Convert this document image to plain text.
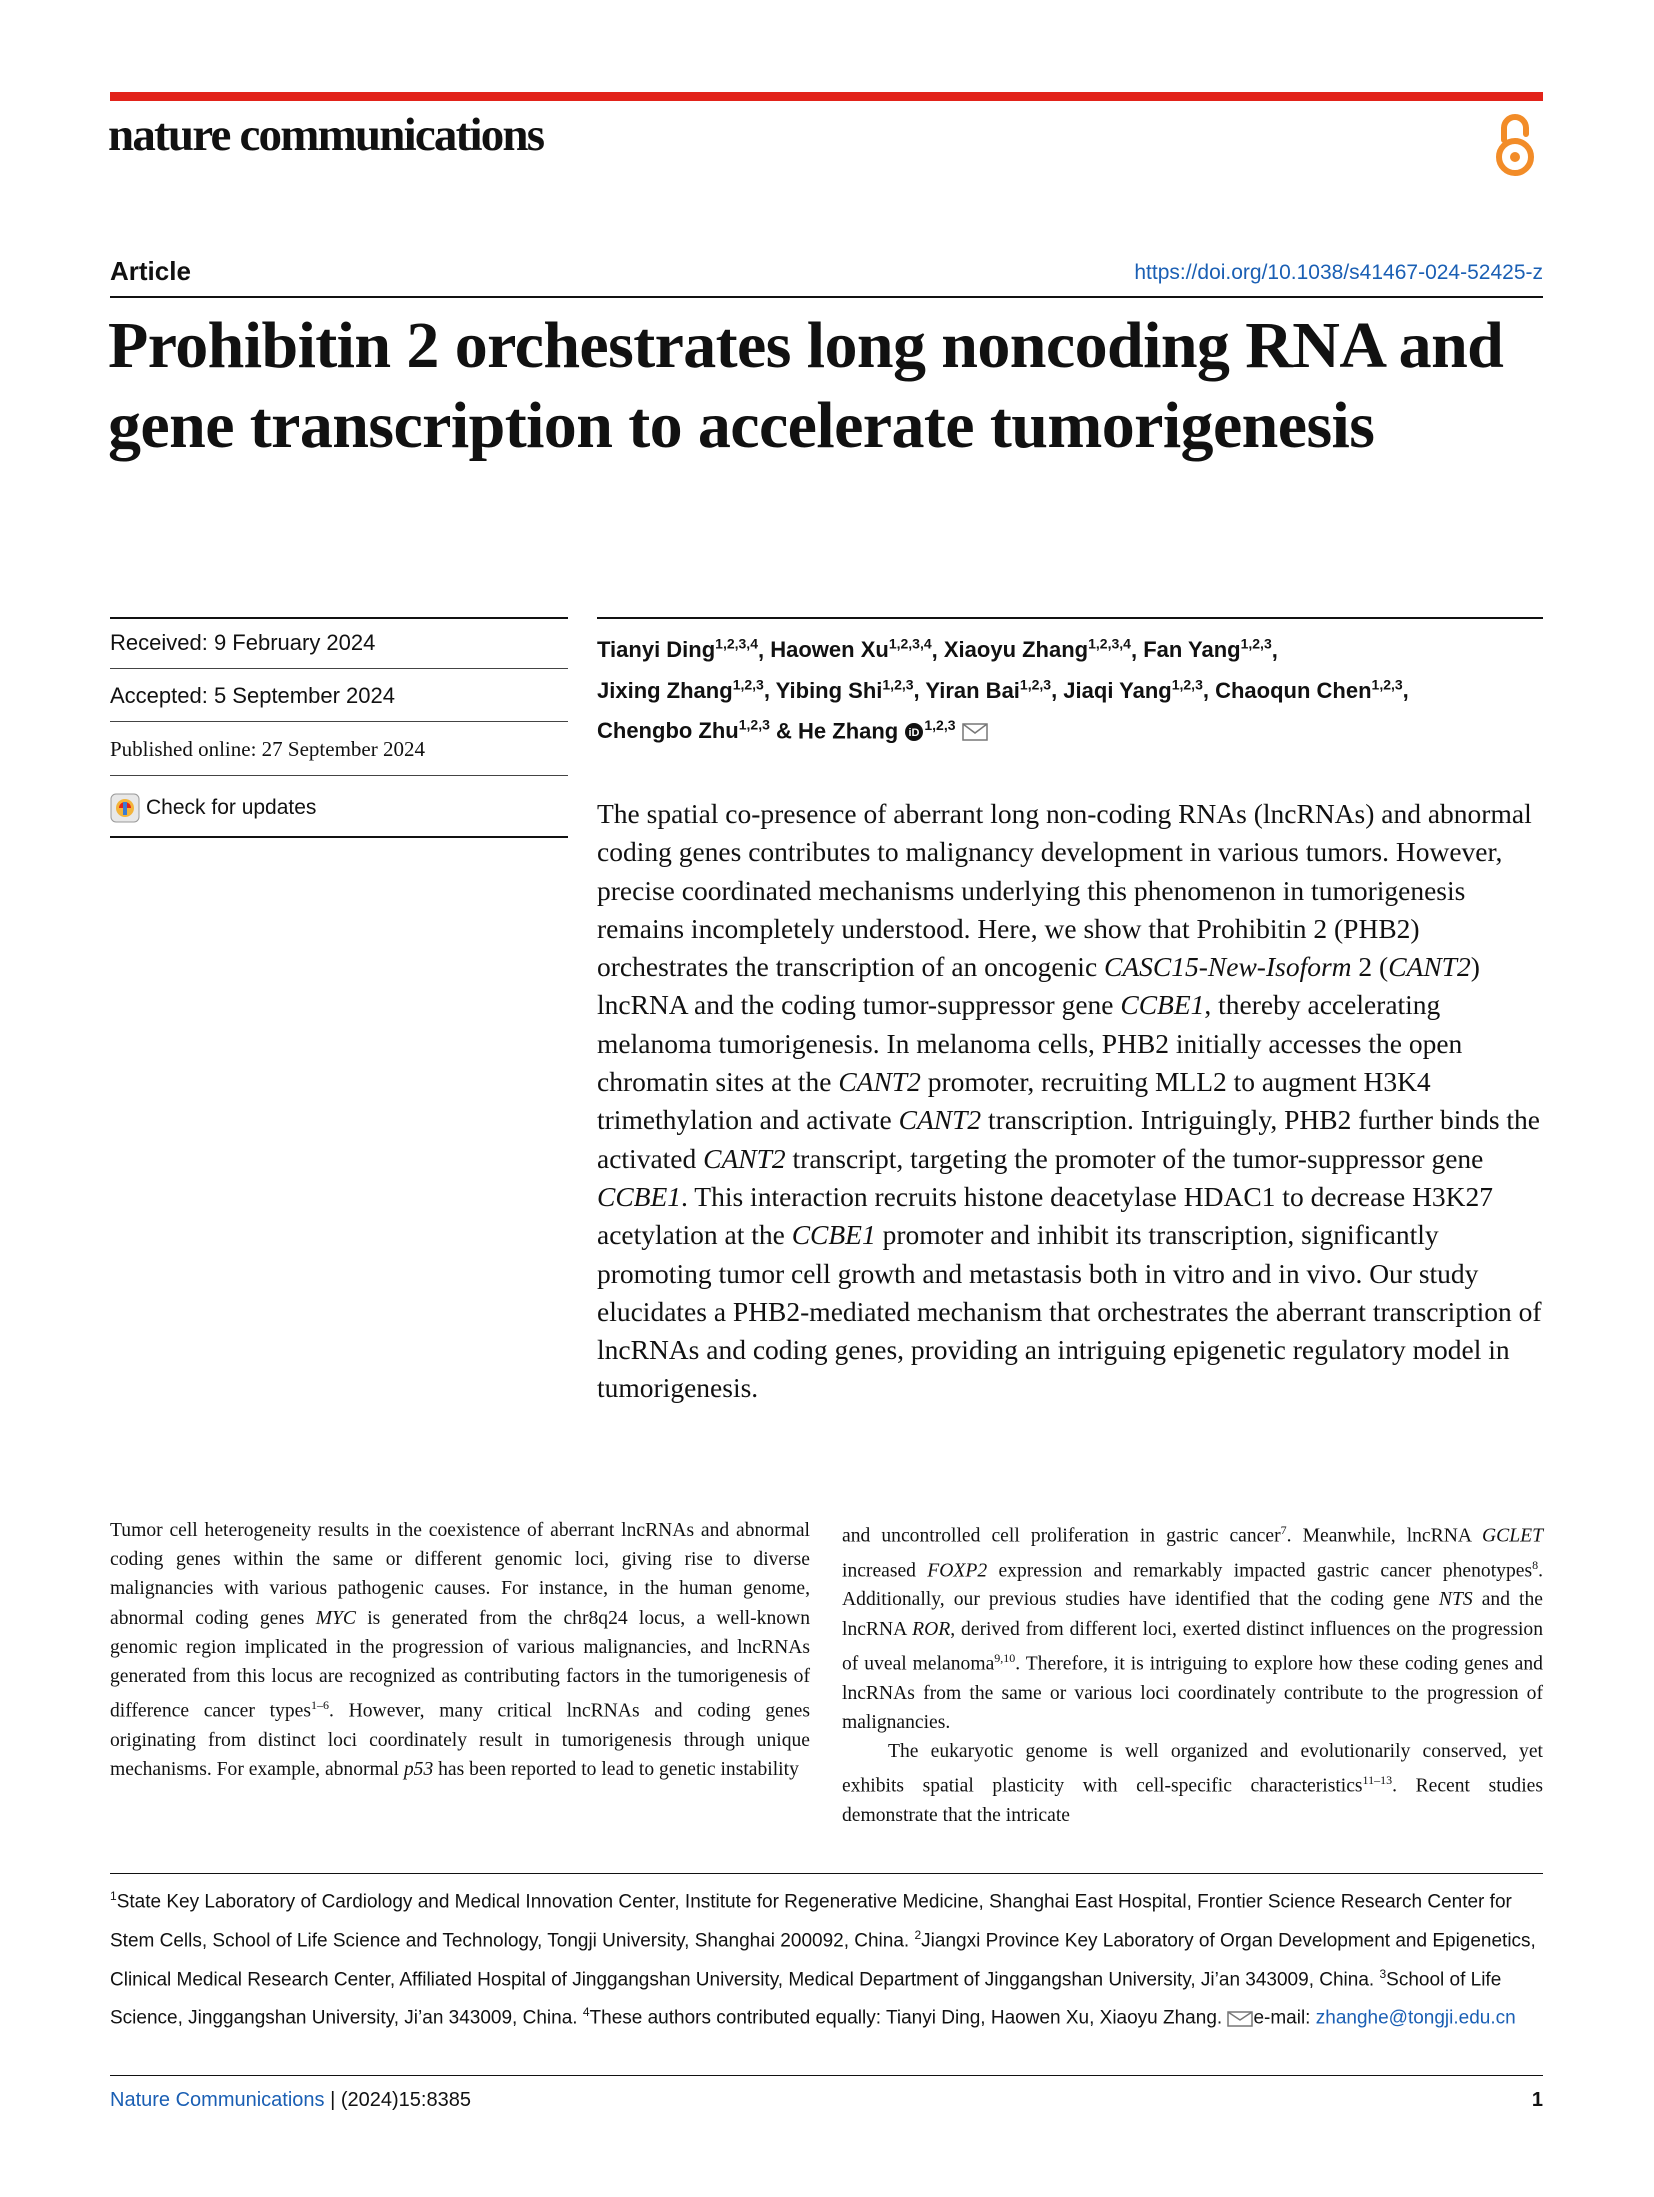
nature communications
Article	https://doi.org/10.1038/s41467-024-52425-z
Prohibitin 2 orchestrates long noncoding RNA and gene transcription to accelerate tumorigenesis
Received: 9 February 2024
Accepted: 5 September 2024
Published online: 27 September 2024
Check for updates
Tianyi Ding$^{1,2,3,4}$, Haowen Xu$^{1,2,3,4}$, Xiaoyu Zhang$^{1,2,3,4}$, Fan Yang$^{1,2,3}$,
Jixing Zhang$^{1,2,3}$, Yibing Shi$^{1,2,3}$, Yiran Bai$^{1,2,3}$, Jiaqi Yang$^{1,2,3}$, Chaoqun Chen$^{1,2,3}$,
Chengbo Zhu$^{1,2,3}$ & He Zhang iD
$^{1,2,3}$
The spatial co-presence of aberrant long non-coding RNAs (lncRNAs) and abnormal coding genes contributes to malignancy development in various tumors. However, precise coordinated mechanisms underlying this phenomenon in tumorigenesis remains incompletely understood. Here, we show that Prohibitin 2 (PHB2) orchestrates the transcription of an oncogenic CASC15-New-Isoform 2 (CANT2) lncRNA and the coding tumor-suppressor gene CCBE1, thereby accelerating melanoma tumorigenesis. In melanoma cells, PHB2 initially accesses the open chromatin sites at the CANT2 promoter, recruiting MLL2 to augment H3K4 trimethylation and activate CANT2 transcription. Intriguingly, PHB2 further binds the activated CANT2 transcript, targeting the promoter of the tumor-suppressor gene CCBE1. This interaction recruits histone deacetylase HDAC1 to decrease H3K27 acetylation at the CCBE1 promoter and inhibit its transcription, significantly promoting tumor cell growth and metastasis both in vitro and in vivo. Our study elucidates a PHB2-mediated mechanism that orchestrates the aberrant transcription of lncRNAs and coding genes, providing an intriguing epigenetic regulatory model in tumorigenesis.
Tumor cell heterogeneity results in the coexistence of aberrant lncRNAs and abnormal coding genes within the same or different genomic loci, giving rise to diverse malignancies with various pathogenic causes. For instance, in the human genome, abnormal coding genes MYC is generated from the chr8q24 locus, a well-known genomic region implicated in the progression of various malignancies, and lncRNAs generated from this locus are recognized as contributing factors in the tumorigenesis of difference cancer types$^{1-6}$. However, many critical lncRNAs and coding genes originating from distinct loci coordinately result in tumorigenesis through unique mechanisms. For example, abnormal p53 has been reported to lead to genetic instability

and uncontrolled cell proliferation in gastric cancer$^7$. Meanwhile, lncRNA GCLET increased FOXP2 expression and remarkably impacted gastric cancer phenotypes$^8$. Additionally, our previous studies have identified that the coding gene NTS and the lncRNA ROR, derived from different loci, exerted distinct influences on the progression of uveal melanoma$^{9,10}$. Therefore, it is intriguing to explore how these coding genes and lncRNAs from the same or various loci coordinately contribute to the progression of malignancies.

The eukaryotic genome is well organized and evolutionarily conserved, yet exhibits spatial plasticity with cell-specific characteristics$^{11-13}$. Recent studies demonstrate that the intricate

$^1$State Key Laboratory of Cardiology and Medical Innovation Center, Institute for Regenerative Medicine, Shanghai East Hospital, Frontier Science Research Center for Stem Cells, School of Life Science and Technology, Tongji University, Shanghai 200092, China. $^2$Jiangxi Province Key Laboratory of Organ Development and Epigenetics, Clinical Medical Research Center, Affiliated Hospital of Jinggangshan University, Medical Department of Jinggangshan University, Ji’an 343009, China. $^3$School of Life Science, Jinggangshan University, Ji’an 343009, China. $^4$These authors contributed equally: Tianyi Ding, Haowen Xu, Xiaoyu Zhang. e-mail: zhanghe@tongji.edu.cn
Nature Communications | (2024)15:8385	1
